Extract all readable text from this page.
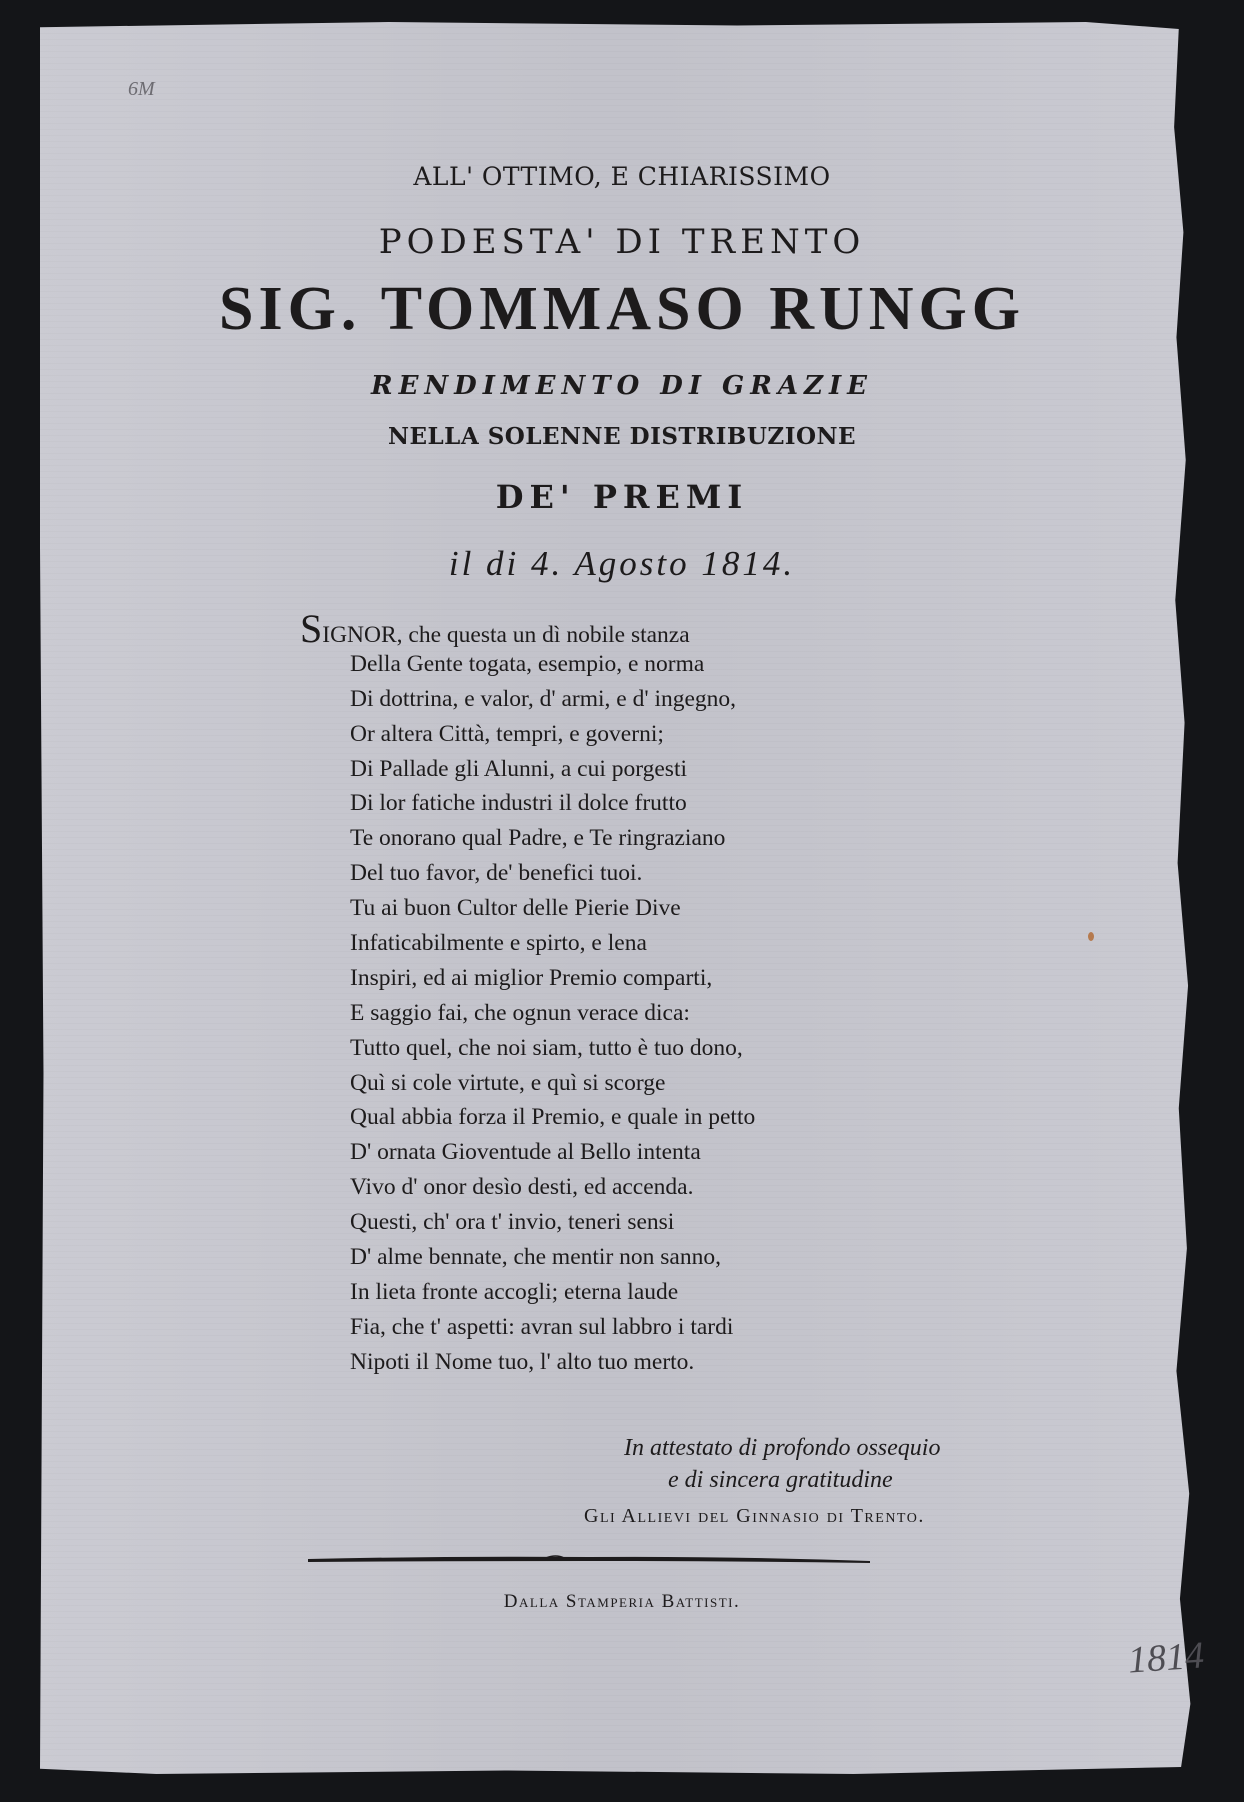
6M
1814
ALL' OTTIMO, E CHIARISSIMO
PODESTA' DI TRENTO
SIG. TOMMASO RUNGG
RENDIMENTO DI GRAZIE
NELLA SOLENNE DISTRIBUZIONE
DE' PREMI
il di 4. Agosto 1814.
SIGNOR, che questa un dì nobile stanza
Della Gente togata, esempio, e norma
Di dottrina, e valor, d' armi, e d' ingegno,
Or altera Città, tempri, e governi;
Di Pallade gli Alunni, a cui porgesti
Di lor fatiche industri il dolce frutto
Te onorano qual Padre, e Te ringraziano
Del tuo favor, de' benefici tuoi.
Tu ai buon Cultor delle Pierie Dive
Infaticabilmente e spirto, e lena
Inspiri, ed ai miglior Premio comparti,
E saggio fai, che ognun verace dica:
Tutto quel, che noi siam, tutto è tuo dono,
Quì si cole virtute, e quì si scorge
Qual abbia forza il Premio, e quale in petto
D' ornata Gioventude al Bello intenta
Vivo d' onor desìo desti, ed accenda.
Questi, ch' ora t' invio, teneri sensi
D' alme bennate, che mentir non sanno,
In lieta fronte accogli; eterna laude
Fia, che t' aspetti: avran sul labbro i tardi
Nipoti il Nome tuo, l' alto tuo merto.
In attestato di profondo ossequio
e di sincera gratitudine
Gli Allievi del Ginnasio di Trento.
Dalla Stamperia Battisti.
